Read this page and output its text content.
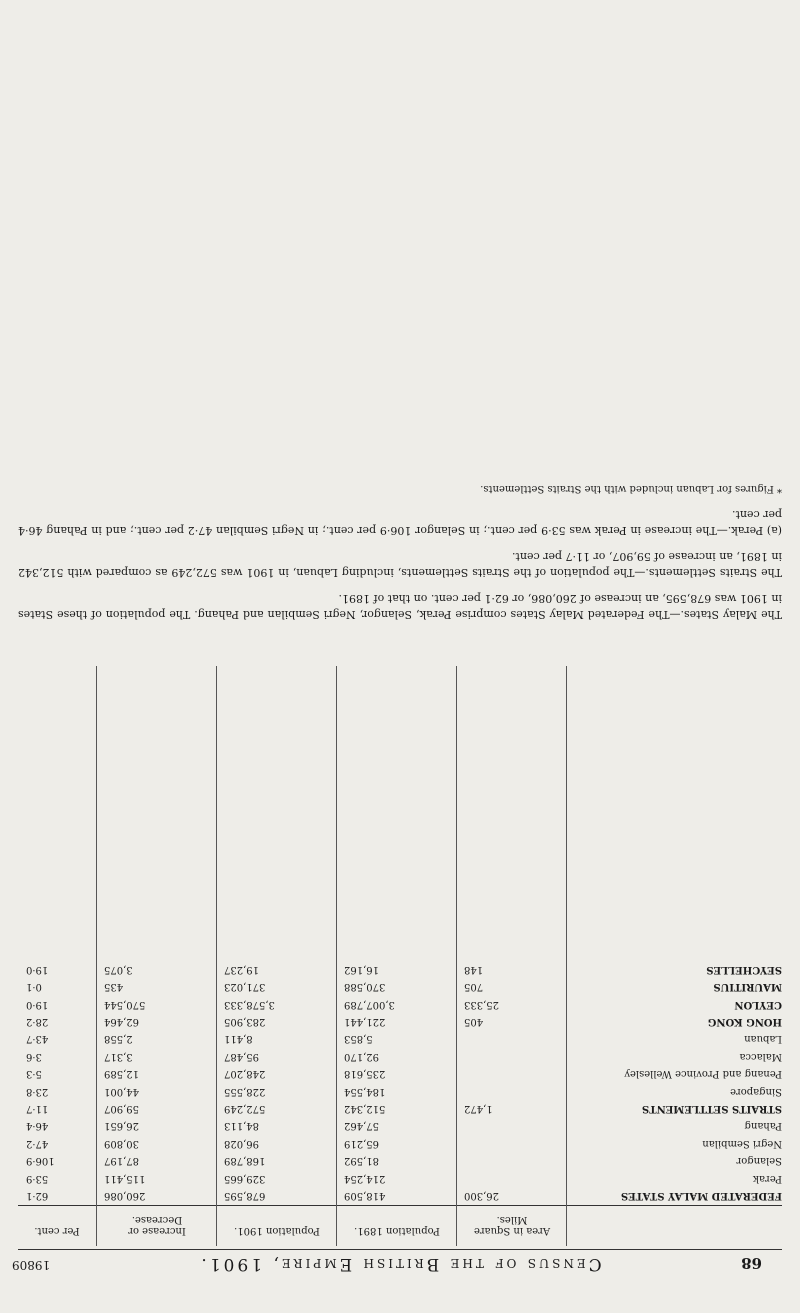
68
Census of the British Empire, 1901.
19809
Area in Square Miles.
Population 1891.
Population 1901.
Increase or Decrease.
Per cent.
FEDERATED MALAY STATES
Perak
Selangor
Negri Sembilan
Pahang
STRAITS SETTLEMENTS
Singapore
Penang and Province Wellesley
Malacca
Labuan
HONG KONG
CEYLON
MAURITIUS
SEYCHELLES
26,300
1,472
405
25,333
705
148
418,509
214,254
81,592
65,219
57,462
512,342
184,554
235,618
92,170
5,853
221,441
3,007,789
370,588
16,162
678,595
329,665
168,789
96,028
84,113
572,249
228,555
248,207
95,487
8,411
283,905
3,578,333
371,023
19,237
260,086
115,411
87,197
30,809
26,651
59,907
44,001
12,589
3,317
2,558
62,464
570,544
435
3,075
62·1
53·9
106·9
47·2
46·4
11·7
23·8
5·3
3·6
43·7
28·2
19·0
0·1
19·0

The Malay States.—The Federated Malay States comprise Perak, Selangor, Negri Sembilan and Pahang. The population of these States in 1901 was 678,595, an increase of 260,086, or 62·1 per cent. on that of 1891.

The Straits Settlements.—The population of the Straits Settlements, including Labuan, in 1901 was 572,249 as compared with 512,342 in 1891, an increase of 59,907, or 11·7 per cent.

(a) Perak.—The increase in Perak was 53·9 per cent.; in Selangor 106·9 per cent.; in Negri Sembilan 47·2 per cent.; and in Pahang 46·4 per cent.

* Figures for Labuan included with the Straits Settlements.
